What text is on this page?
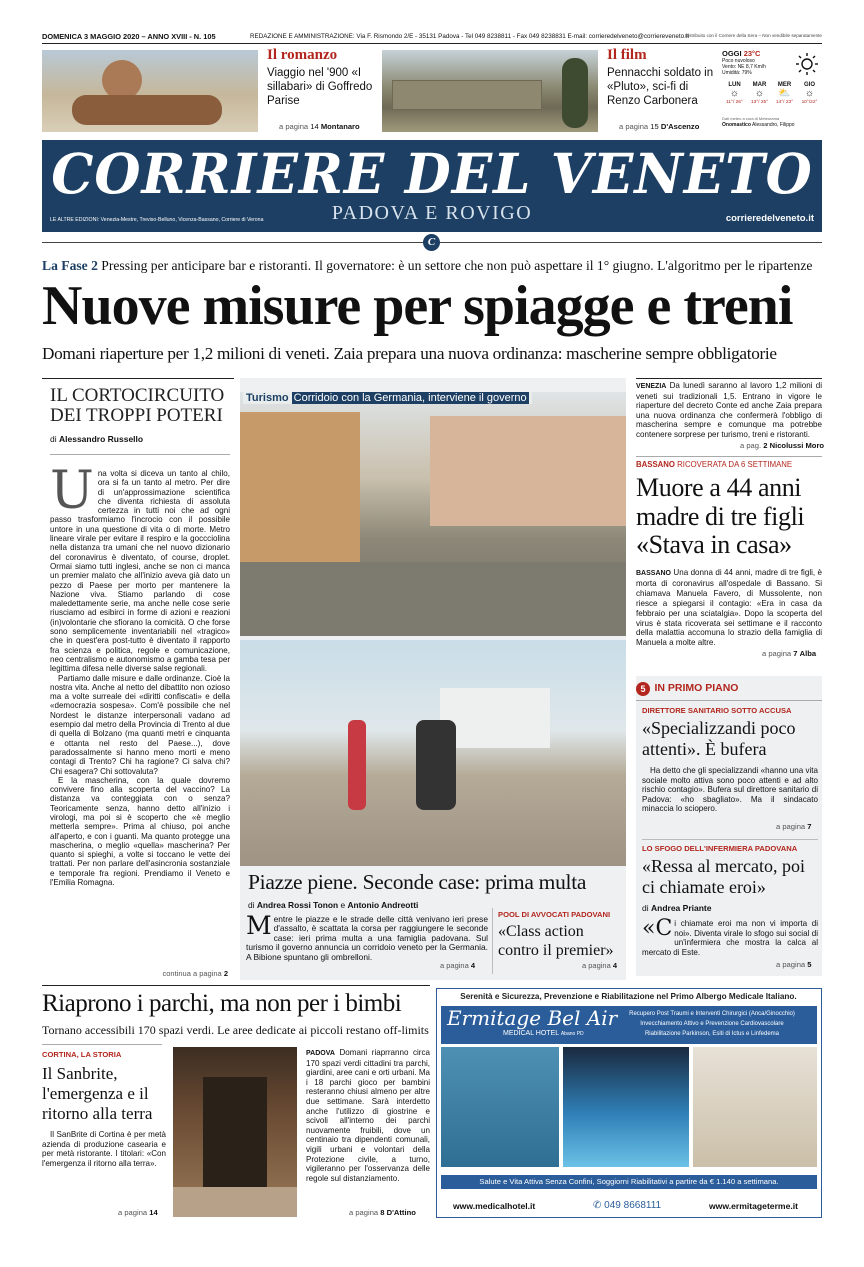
DOMENICA 3 MAGGIO 2020 – ANNO XVIII - N. 105	REDAZIONE E AMMINISTRAZIONE: Via F. Rismondo 2/E - 35131 Padova - Tel 049 8238811 - Fax 049 8238831 E-mail: corrieredelveneto@corriereveneto.it
Distribuito con il Corriere della Sera – Non vendibile separatamente
Il romanzo
Viaggio nel '900 «I sillabari» di Goffredo Parise
a pagina 14 Montanaro
Il film
Pennacchi soldato in «Pluto», sci-fi di Renzo Carbonera
a pagina 15 D'Ascenzo
OGGI 23°C
Poco nuvoloso
Vento: NE 8,7 Km/h
Umidità: 79%
LUN
☼
11°/ 26°
MAR
☼
13°/ 25°
MER
⛅
14°/ 23°
GIO
☼
10°/22°
Dati meteo a cura di Meteorama
Onomastico Alessandro, Filippo
CORRIERE DEL VENETO
PADOVA E ROVIGO
LE ALTRE EDIZIONI: Venezia-Mestre, Treviso-Belluno, Vicenza-Bassano, Corriere di Verona	corrieredelveneto.it
C
La Fase 2 Pressing per anticipare bar e ristoranti. Il governatore: è un settore che non può aspettare il 1° giugno. L'algoritmo per le ripartenze
Nuove misure per spiagge e treni
Domani riaperture per 1,2 milioni di veneti. Zaia prepara una nuova ordinanza: mascherine sempre obbligatorie
IL CORTOCIRCUITO DEI TROPPI POTERI
di Alessandro Russello
Una volta si diceva un tanto al chilo, ora si fa un tanto al metro. Per dire di un'approssimazione scientifica che diventa richiesta di assoluta certezza in tutti noi che ad ogni passo trasformiamo l'incrocio con il possibile untore in una questione di vita o di morte. Metro lineare virale per evitare il respiro e la goccciolina nella distanza tra umani che nel nuovo dizionario del coronavirus è diventato, of course, droplet. Ormai siamo tutti inglesi, anche se non ci manca un premier malato che all'inizio aveva già dato un pezzo di Paese per morto per mantenere la Nazione viva. Stiamo parlando di cose maledettamente serie, ma anche nelle cose serie riusciamo ad esibirci in forme di azioni e reazioni (in)volontarie che sfiorano la comicità. O che forse sono semplicemente inventariabili nel «tragico» che in quest'era post-tutto è diventato il rapporto fra scienza e politica, regole e comunicazione, neo centralismo e autonomismo a gamba tesa per legittima difesa nelle diverse salse regionali.
Partiamo dalle misure e dalle ordinanze. Cioè la nostra vita. Anche al netto del dibattito non ozioso ma a volte surreale dei «diritti confiscati» e della «democrazia sospesa». Com'è possibile che nel Nordest le distanze interpersonali vadano ad esempio dal metro della Provincia di Trento al due di quella di Bolzano (ma quanti metri e cinquanta e ottanta nel resto del Paese...), dove paradossalmente si hanno meno morti e meno contagi di Trento? Chi ha ragione? Ci salva chi? Chi esagera? Chi sottovaluta?
E la mascherina, con la quale dovremo convivere fino alla scoperta del vaccino? La distanza va conteggiata con o senza? Teoricamente senza, hanno detto all'inizio i virologi, ma poi si è scoperto che «è meglio metterla sempre». Prima al chiuso, poi anche all'aperto, e con i guanti. Ma quanto protegge una mascherina, o meglio «quella» mascherina? Per quanto si spieghi, a volte si toccano le vette dei trattati. Per non parlare dell'asincronia sostanziale e temporale fra regioni. Prendiamo il Veneto e l'Emilia Romagna.
continua a pagina 2
Turismo Corridoio con la Germania, interviene il governo
Piazze piene. Seconde case: prima multa
di Andrea Rossi Tonon e Antonio Andreotti
Mentre le piazze e le strade delle città venivano ieri prese d'assalto, è scattata la corsa per raggiungere le seconde case: ieri prima multa a una famiglia padovana. Sul turismo il governo annuncia un corridoio veneto per la Germania. A Bibione spuntano gli ombrelloni.
a pagina 4
POOL DI AVVOCATI PADOVANI
«Class action contro il premier»
a pagina 4
VENEZIA Da lunedì saranno al lavoro 1,2 milioni di veneti sui tradizionali 1,5. Entrano in vigore le riaperture del decreto Conte ed anche Zaia prepara una nuova ordinanza che confermerà l'obbligo di mascherina sempre e comunque ma potrebbe contenere sorprese per turismo, treni e ristoranti.
a pag. 2 Nicolussi Moro
BASSANO RICOVERATA DA 6 SETTIMANE
Muore a 44 anni madre di tre figli «Stava in casa»
BASSANO Una donna di 44 anni, madre di tre figli, è morta di coronavirus all'ospedale di Bassano. Si chiamava Manuela Favero, di Mussolente, non riesce a spiegarsi il contagio: «Era in casa da febbraio per una sciatalgia». Dopo la scoperta del virus è stata ricoverata sei settimane e il racconto della malattia accomuna lo strazio della famiglia di Manuela a molte altre.
a pagina 7 Alba
5 IN PRIMO PIANO
DIRETTORE SANITARIO SOTTO ACCUSA
«Specializzandi poco attenti». È bufera
Ha detto che gli specializzandi «hanno una vita sociale molto attiva sono poco attenti e ad alto rischio contagio». Bufera sul direttore sanitario di Padova: «ho sbagliato». Ma il sindacato minaccia lo sciopero.
a pagina 7
LO SFOGO DELL'INFERMIERA PADOVANA
«Ressa al mercato, poi ci chiamate eroi»
di Andrea Priante
«Ci chiamate eroi ma non vi importa di noi». Diventa virale lo sfogo sui social di un'infermiera che mostra la calca al mercato di Este.
a pagina 5
Riaprono i parchi, ma non per i bimbi
Tornano accessibili 170 spazi verdi. Le aree dedicate ai piccoli restano off-limits
CORTINA, LA STORIA
Il Sanbrite, l'emergenza e il ritorno alla terra
Il SanBrite di Cortina è per metà azienda di produzione casearia e per metà ristorante. I titolari: «Con l'emergenza il ritorno alla terra».
a pagina 14
PADOVA Domani riaprranno circa 170 spazi verdi cittadini tra parchi, giardini, aree cani e orti urbani. Ma i 18 parchi gioco per bambini resteranno chiusi almeno per altre due settimane. Sarà interdetto anche l'utilizzo di giostrine e scivoli all'interno dei parchi nuovamente fruibili, dove un centinaio tra dipendenti comunali, vigili urbani e volontari della Protezione civile, a turno, vigileranno per l'osservanza delle regole sul distanziamento.
a pagina 8 D'Attino
Serenità e Sicurezza, Prevenzione e Riabilitazione nel Primo Albergo Medicale Italiano.
Ermitage Bel Air
MEDICAL HOTEL Abano PD
Recupero Post Traumi e Interventi Chirurgici (Anca/Ginocchio)
Invecchiamento Attivo e Prevenzione Cardiovascolare
Riabilitazione Parkinson, Esiti di Ictus e Linfedema
Salute e Vita Attiva Senza Confini, Soggiorni Riabilitativi a partire da € 1.140 a settimana.
www.medicalhotel.it	✆ 049 8668111	www.ermitageterme.it
